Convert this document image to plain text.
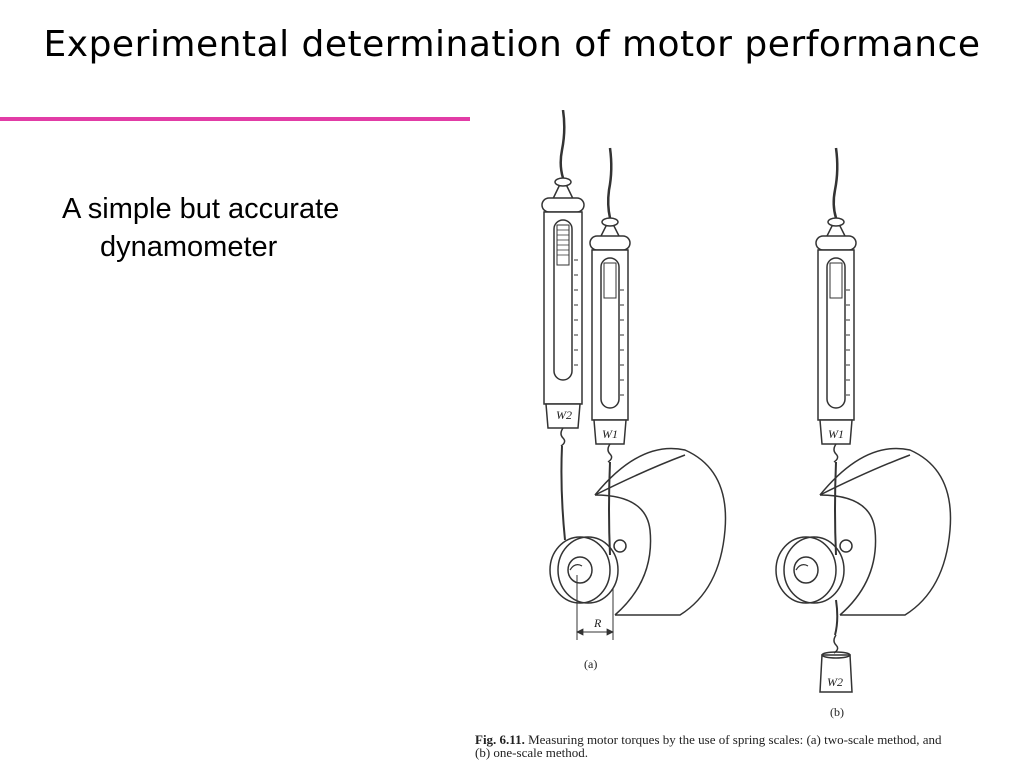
Experimental determination of motor performance
A simple but accurate
dynamometer
W2
W1	W1
W2
R
(a)
(b)
Fig. 6.11. Measuring motor torques by the use of spring scales: (a) two-scale method, and
(b) one-scale method.
